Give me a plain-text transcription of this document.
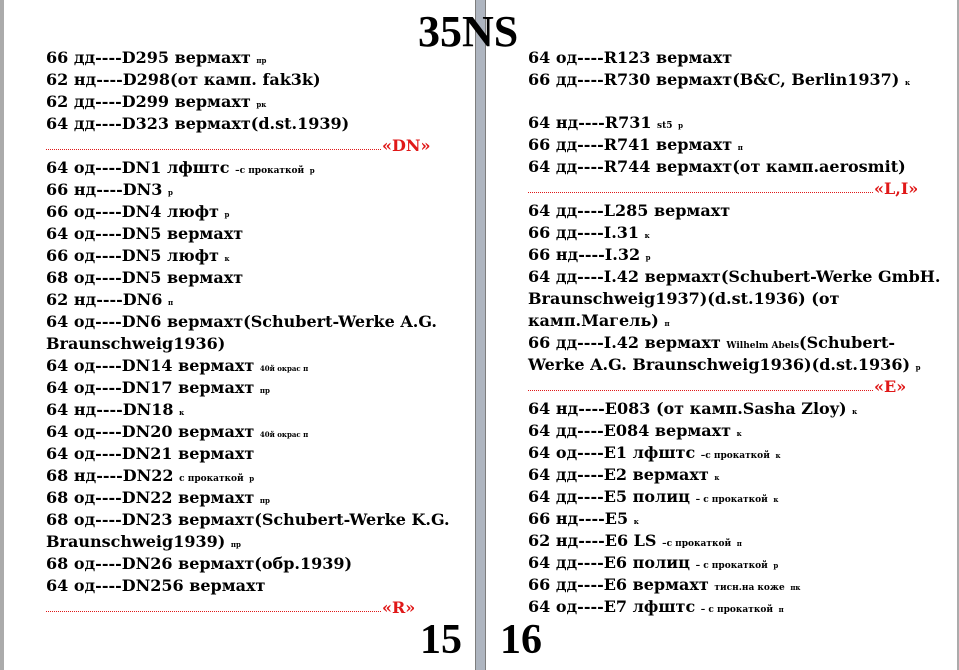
35NS
66 дд----D295 вермахт пр
62 нд----D298(от камп. fak3k)
62 дд----D299 вермахт рк
64 дд----D323 вермахт(d.st.1939)
«DN»
64 од----DN1 лфштс –с прокаткой р
66 нд----DN3 р
66 од----DN4 люфт р
64 од----DN5 вермахт
66 од----DN5 люфт к
68 од----DN5 вермахт
62 нд----DN6 п
64 од----DN6 вермахт(Schubert-Werke A.G.
Braunschweig1936)
64 од----DN14 вермахт 40й окрас п
64 од----DN17 вермахт пр
64 нд----DN18 к
64 од----DN20 вермахт 40й окрас п
64 од----DN21 вермахт
68 нд----DN22 с прокаткой р
68 од----DN22 вермахт пр
68 од----DN23 вермахт(Schubert-Werke K.G.
Braunschweig1939) пр
68 од----DN26 вермахт(обр.1939)
64 од----DN256 вермахт
«R»
64 од----R123 вермахт
66 дд----R730 вермахт(B&C, Berlin1937) к
64 нд----R731 st5 р
66 дд----R741 вермахт п
64 дд----R744 вермахт(от камп.aerosmit)
«L,I»
64 дд----L285 вермахт
66 дд----I.31 к
66 нд----I.32 р
64 дд----I.42 вермахт(Schubert-Werke GmbH.
Braunschweig1937)(d.st.1936) (от
камп.Магель) п
66 дд----I.42 вермахт Wilhelm Abels(Schubert-
Werke A.G. Braunschweig1936)(d.st.1936) р
«E»
64 нд----E083 (от камп.Sasha Zloy) к
64 дд----E084 вермахт к
64 од----E1 лфштс –с прокаткой к
64 дд----E2 вермахт к
64 дд----E5 полиц – с прокаткой к
66 нд----E5 к
62 нд----E6 LS –с прокаткой п
64 дд----E6 полиц – с прокаткой р
66 дд----E6 вермахт тисн.на коже пк
64 од----E7 лфштс – с прокаткой п
15 16
